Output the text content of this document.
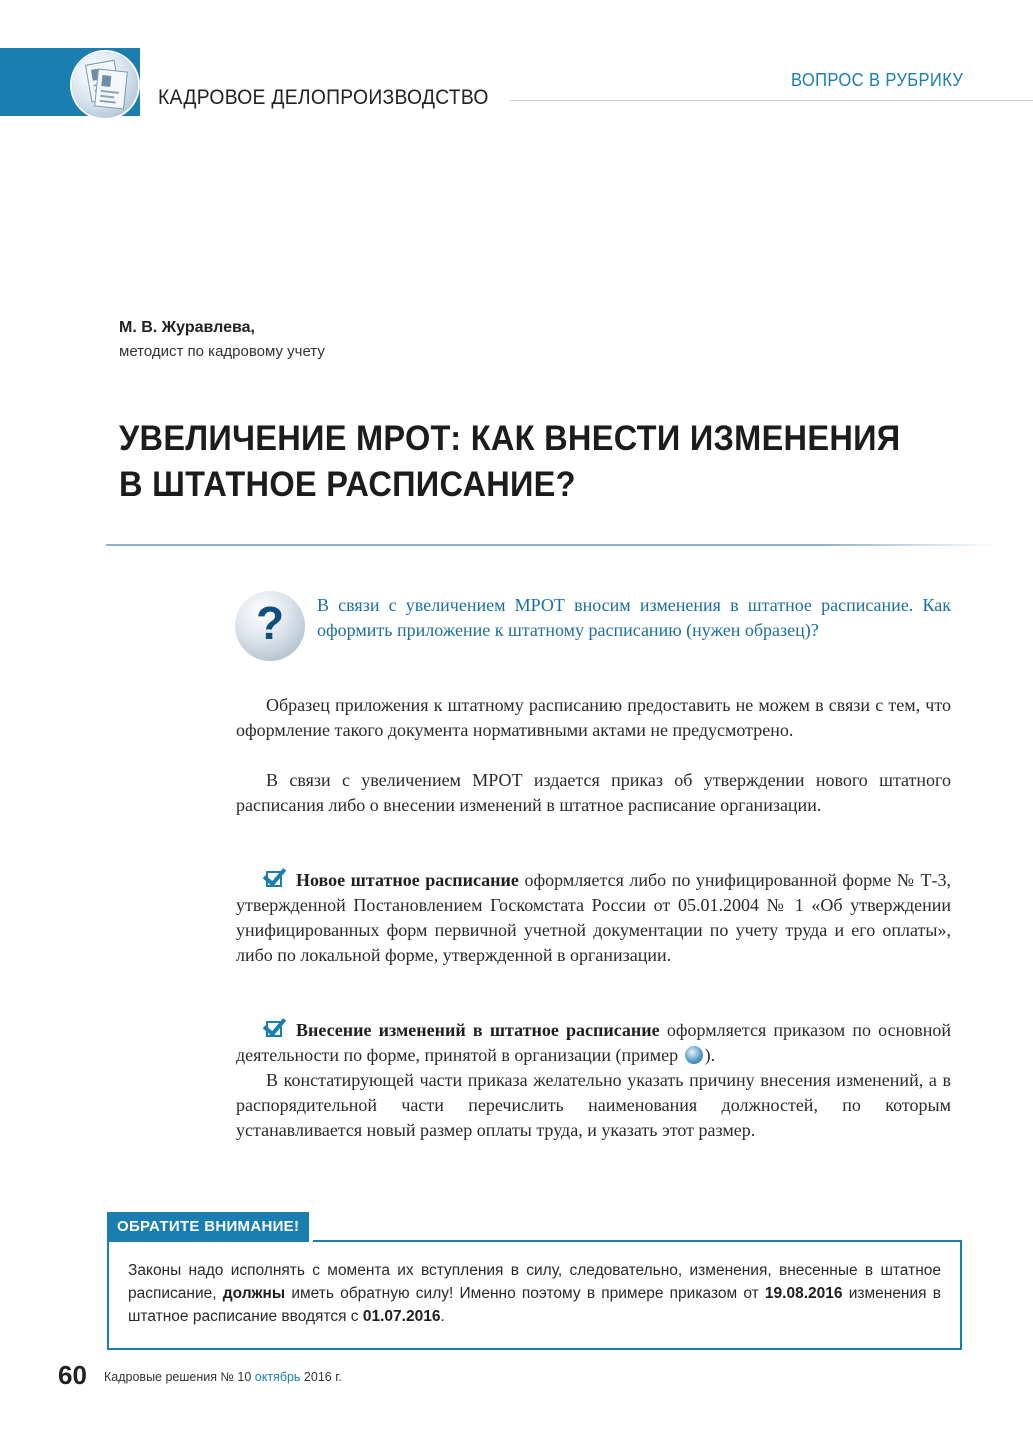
КАДРОВОЕ ДЕЛОПРОИЗВОДСТВО
ВОПРОС В РУБРИКУ
М. В. Журавлева,
методист по кадровому учету
УВЕЛИЧЕНИЕ МРОТ: КАК ВНЕСТИ ИЗМЕНЕНИЯ
В ШТАТНОЕ РАСПИСАНИЕ?
?	В связи с увеличением МРОТ вносим изменения в штатное расписание. Как оформить приложение к штатному расписанию (нужен образец)?
Образец приложения к штатному расписанию предоставить не можем в связи с тем, что оформление такого документа нормативными актами не предусмотрено.
В связи с увеличением МРОТ издается приказ об утверждении нового штатного расписания либо о внесении изменений в штатное расписание организации.
Новое штатное расписание оформляется либо по унифицированной форме № Т-3, утвержденной Постановлением Госкомстата России от 05.01.2004 № 1 «Об утверждении унифицированных форм первичной учетной документации по учету труда и его оплаты», либо по локальной форме, утвержденной в организации.
Внесение изменений в штатное расписание оформляется приказом по основной деятельности по форме, принятой в организации (пример ).
В констатирующей части приказа желательно указать причину внесения изменений, а в распорядительной части перечислить наименования должностей, по которым устанавливается новый размер оплаты труда, и указать этот размер.
ОБРАТИТЕ ВНИМАНИЕ!
Законы надо исполнять с момента их вступления в силу, следовательно, изменения, внесенные в штатное расписание, должны иметь обратную силу! Именно поэтому в примере приказом от 19.08.2016 изменения в штатное расписание вводятся с 01.07.2016.
60 Кадровые решения № 10 октябрь 2016 г.
